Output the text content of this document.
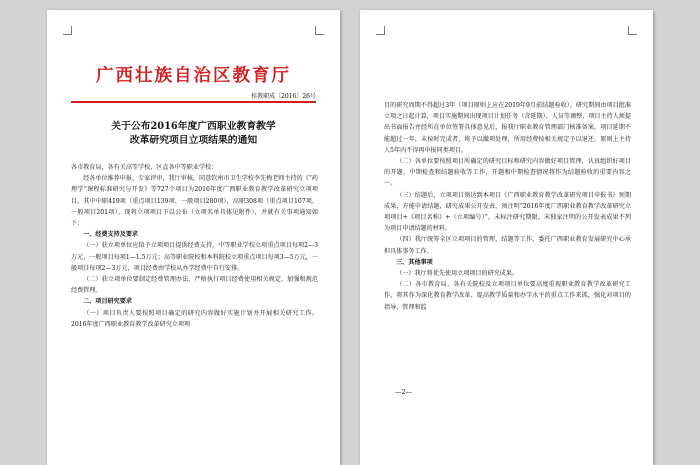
广西壮族自治区教育厅
桂教职成〔2016〕26号
关于公布2016年度广西职业教育教学
改革研究项目立项结果的通知

各市教育局，各有关高等学校，区直各中等职业学校：

经各单位推荐申报、专家评审，我厅审核，同意钦州市卫生学校李先梅老师主持的《“药理学”课程标准研究与开发》等727个项目为2016年度广西职业教育教学改革研究立项项目，其中中职419项（重点项目139项、一般项目280项），高职308项（重点项目107项、一般项目201项），现将立项项目予以公布（立项名单具体见附件），并就有关事项通知如下：

一、经费支持及要求

（一）获立项单位应给予立项项目提供经费支持。中等职业学校立项重点项目每项2—3万元，一般项目每项1—1.5万元；高等职业院校和本科院校立项重点项目每项3—5万元，一般项目每项2—3万元，项目经费由学校从办学经费中自行安排。

（二）获立项单位要制定经费管理办法，严格执行项目经费使用相关规定，加强和规范经费管理。

二、项目研究要求

（一）项目负责人要按照项目确定的研究内容做好实施计划并开展相关研究工作。2016年度广西职业教育教学改革研究立项项

目的研究周期不得超过3年（项目原则上应在2019年9月前结题验收）。研究期间由项目批准立项之日起计算，项目实施期间出现项目计划任务（含延期）、人员等调整，项目主持人须提出书面报告并经所在单位签署具体意见后，报我厅职业教育管理部门核准备案，项目延期不能超过一年，未按时完成者，将予以撤项处理，所用经费按相关规定予以退还，原则上主持人5年内不得再申报同类项目。

（二）各单位要按照项目所确定的研究目标和研究内容做好项目管理，认真组织好项目的开题、中期检查和结题验收等工作，开题和中期检查情况将作为结题验收的重要内容之一。

（三）结题后，立项项目须达到本项目《广西职业教育教学改革研究项目申报书》预期成果，方能申请结题，研究成果公开发表，须注明“2016年度广西职业教育教学改革研究立项项目+《项目名称》+（立项编号）”，未标注研究期限、未独家注明的公开发表成果不列为项目申请结题的材料。

（四）我厅统筹全区立项项目的管理、结题等工作，委托广西职业教育发展研究中心承担具体事务工作。

三、其他事项

（一）我厅将优先使用立项项目的研究成果。

（二）各市教育局、各有关院校及立项项目单位要高度重视职业教育教学改革研究工作，将其作为深化教育教学改革、提高教学质量和办学水平的重点工作来抓，强化对项目的指导、管理和监

—2—
